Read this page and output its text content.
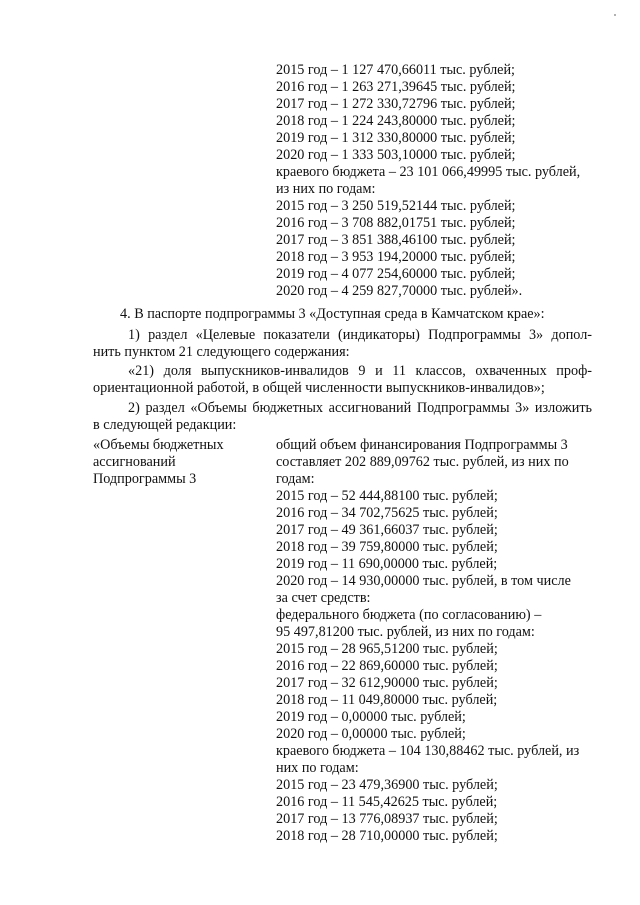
2015 год – 1 127 470,66011 тыс. рублей;
2016 год – 1 263 271,39645 тыс. рублей;
2017 год – 1 272 330,72796 тыс. рублей;
2018 год – 1 224 243,80000 тыс. рублей;
2019 год – 1 312 330,80000 тыс. рублей;
2020 год – 1 333 503,10000 тыс. рублей;
краевого бюджета – 23 101 066,49995 тыс. рублей,
из них по годам:
2015 год – 3 250 519,52144 тыс. рублей;
2016 год – 3 708 882,01751 тыс. рублей;
2017 год – 3 851 388,46100 тыс. рублей;
2018 год – 3 953 194,20000 тыс. рублей;
2019 год – 4 077 254,60000 тыс. рублей;
2020 год – 4 259 827,70000 тыс. рублей».
4. В паспорте подпрограммы 3 «Доступная среда в Камчатском крае»:
1) раздел «Целевые показатели (индикаторы) Подпрограммы 3» допол-
нить пунктом 21 следующего содержания:
«21) доля выпускников-инвалидов 9 и 11 классов, охваченных проф-
ориентационной работой, в общей численности выпускников-инвалидов»;
2) раздел «Объемы бюджетных ассигнований Подпрограммы 3» изложить
в следующей редакции:
«Объемы бюджетных
ассигнований
Подпрограммы 3
общий объем финансирования Подпрограммы 3
составляет 202 889,09762 тыс. рублей, из них по
годам:
2015 год – 52 444,88100 тыс. рублей;
2016 год – 34 702,75625 тыс. рублей;
2017 год – 49 361,66037 тыс. рублей;
2018 год – 39 759,80000 тыс. рублей;
2019 год – 11 690,00000 тыс. рублей;
2020 год – 14 930,00000 тыс. рублей, в том числе
за счет средств:
федерального бюджета (по согласованию) –
95 497,81200 тыс. рублей, из них по годам:
2015 год – 28 965,51200 тыс. рублей;
2016 год – 22 869,60000 тыс. рублей;
2017 год – 32 612,90000 тыс. рублей;
2018 год – 11 049,80000 тыс. рублей;
2019 год – 0,00000 тыс. рублей;
2020 год – 0,00000 тыс. рублей;
краевого бюджета – 104 130,88462 тыс. рублей, из
них по годам:
2015 год – 23 479,36900 тыс. рублей;
2016 год – 11 545,42625 тыс. рублей;
2017 год – 13 776,08937 тыс. рублей;
2018 год – 28 710,00000 тыс. рублей;
